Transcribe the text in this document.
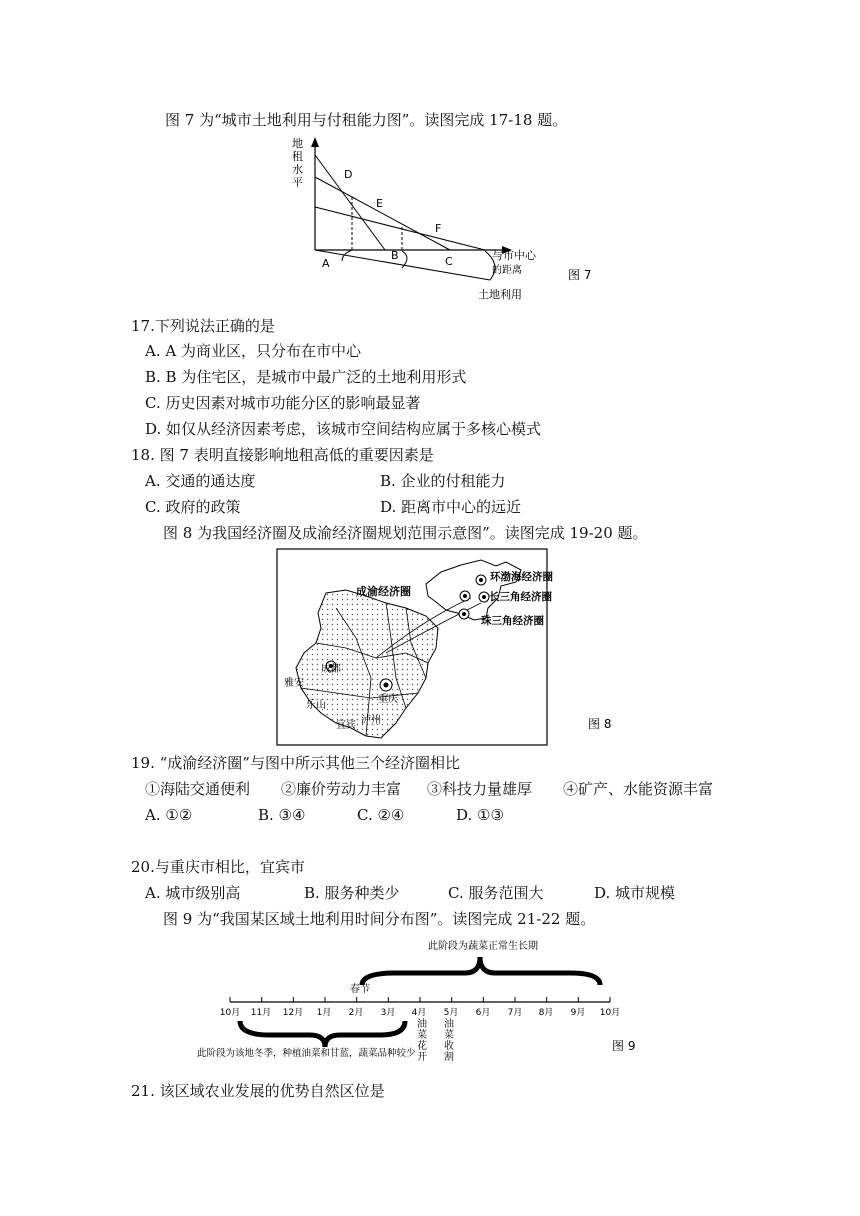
图 7 为“城市土地利用与付租能力图”。读图完成 17-18 题。
地
租
水
平
D
E
F
A
B	C	与市中心
的距离
土地利用
图 7
17.下列说法正确的是
A. A 为商业区，只分布在市中心
B. B 为住宅区，是城市中最广泛的土地利用形式
C. 历史因素对城市功能分区的影响最显著
D. 如仅从经济因素考虑，该城市空间结构应属于多核心模式
18. 图 7 表明直接影响地租高低的重要因素是
A. 交通的通达度	B. 企业的付租能力
C. 政府的政策	D. 距离市中心的远近
图 8 为我国经济圈及成渝经济圈规划范围示意图”。读图完成 19-20 题。
成渝经济圈
环渤海经济圈
长三角经济圈
珠三角经济圈
成都
重庆
雅安
乐山
宜宾 泸州	图 8
19. “成渝经济圈”与图中所示其他三个经济圈相比
①海陆交通便利 ②廉价劳动力丰富 ③科技力量雄厚 ④矿产、水能资源丰富
A. ①②	B. ③④	C. ②④	D. ①③
20.与重庆市相比，宜宾市
A. 城市级别高	B. 服务种类少	C. 服务范围大	D. 城市规模
图 9 为“我国某区域土地利用时间分布图”。读图完成 21-22 题。
此阶段为蔬菜正常生长期
春节
10月 11月 12月 1月 2月 3月 4月 5月 6月 7月 8月 9月 10月
油菜花开
油菜收割
此阶段为该地冬季，种植油菜和甘蓝，蔬菜品种较少
图 9
21. 该区域农业发展的优势自然区位是
